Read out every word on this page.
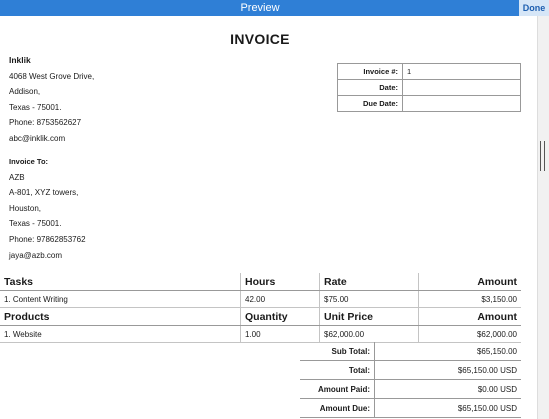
Preview	Done
INVOICE
Inklik
4068 West Grove Drive,
Addison,
Texas - 75001.
Phone: 8753562627
abc@inklik.com
Invoice To:
AZB
A-801, XYZ towers,
Houston,
Texas - 75001.
Phone: 97862853762
jaya@azb.com
Invoice #:	1
Date:	
Due Date:	
Tasks	Hours	Rate	Amount
1. Content Writing	42.00	$75.00	$3,150.00
Products	Quantity	Unit Price	Amount
1. Website	1.00	$62,000.00	$62,000.00
Sub Total:	$65,150.00
Total:	$65,150.00 USD
Amount Paid:	$0.00 USD
Amount Due:	$65,150.00 USD
